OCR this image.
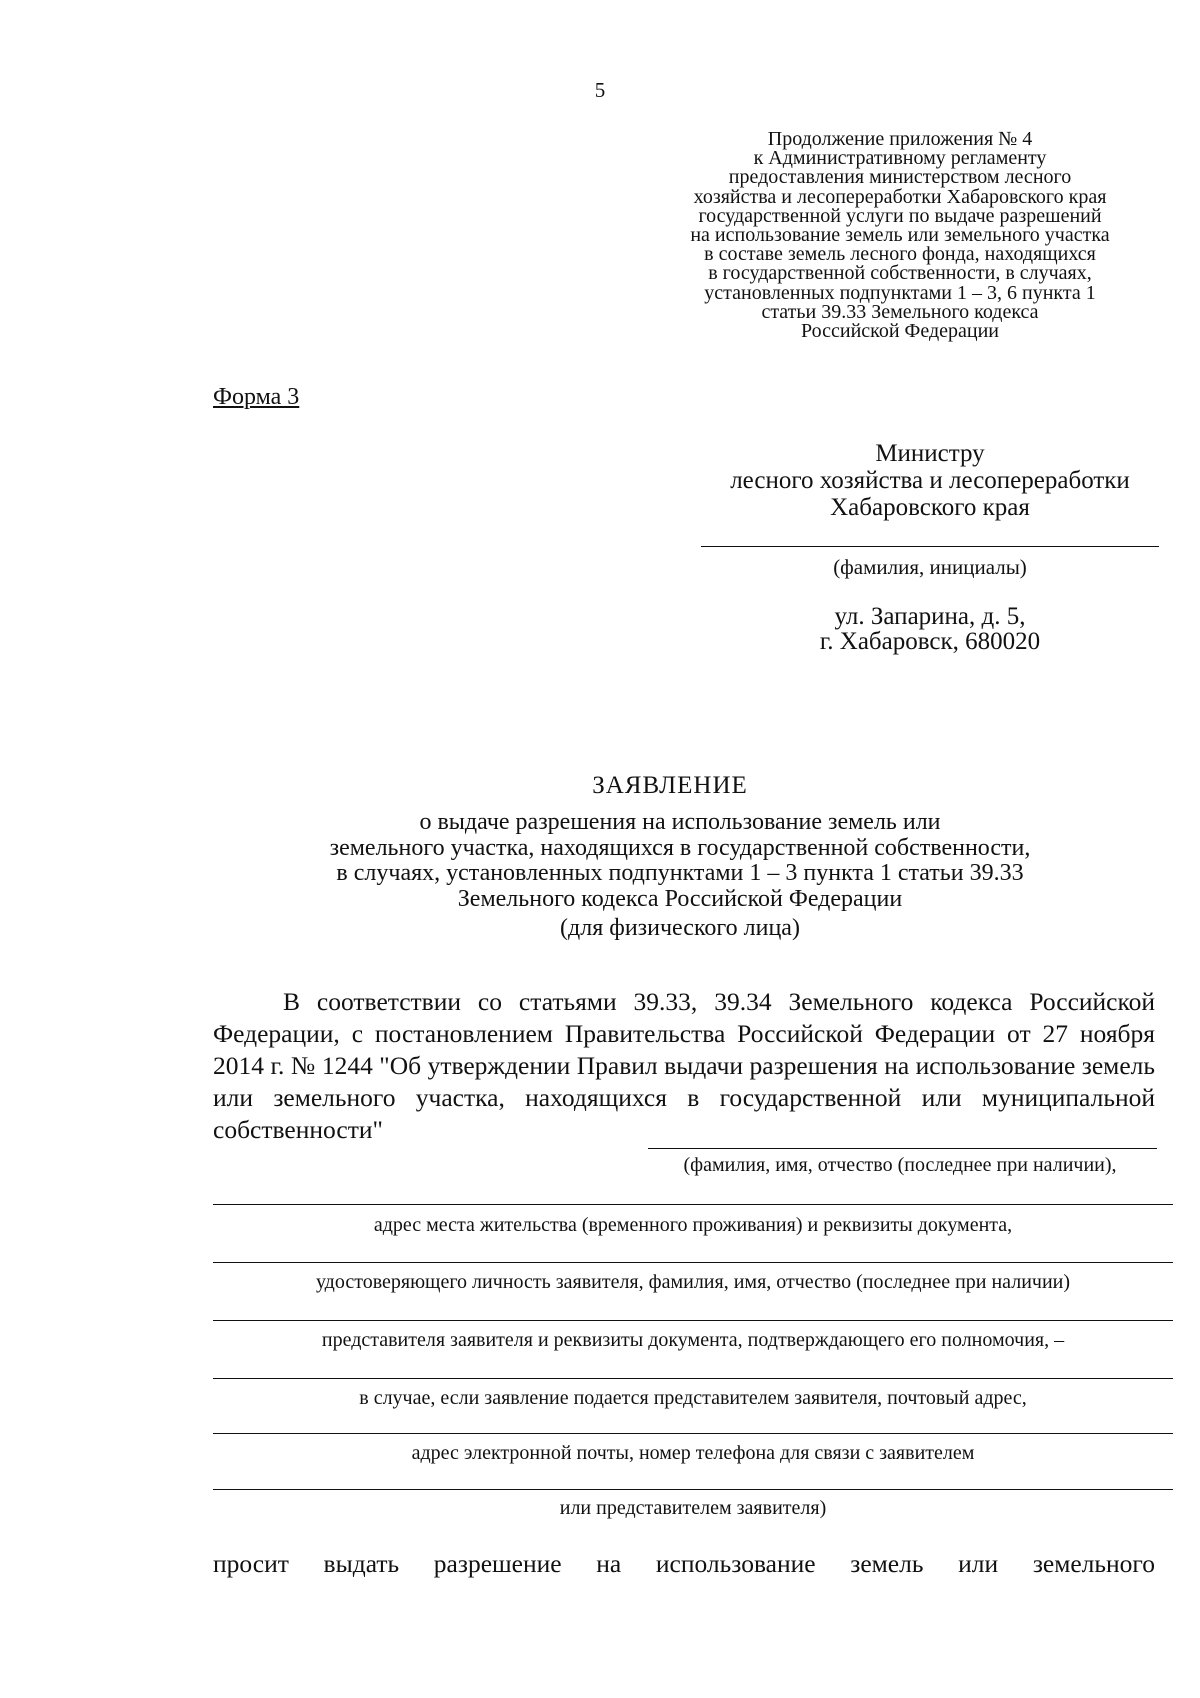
5
Продолжение приложения № 4
к Административному регламенту
предоставления министерством лесного
хозяйства и лесопереработки Хабаровского края
государственной услуги по выдаче разрешений
на использование земель или земельного участка
в составе земель лесного фонда, находящихся
в государственной собственности, в случаях,
установленных подпунктами 1 – 3, 6 пункта 1
статьи 39.33 Земельного кодекса
Российской Федерации
Форма 3
Министру
лесного хозяйства и лесопереработки
Хабаровского края
(фамилия, инициалы)
ул. Запарина, д. 5,
г. Хабаровск, 680020
ЗАЯВЛЕНИЕ
о выдаче разрешения на использование земель или
земельного участка, находящихся в государственной собственности,
в случаях, установленных подпунктами 1 – 3 пункта 1 статьи 39.33
Земельного кодекса Российской Федерации
(для физического лица)
В соответствии со статьями 39.33, 39.34 Земельного кодекса Российской Федерации, с постановлением Правительства Российской Федерации от 27 ноября 2014 г. № 1244 "Об утверждении Правил выдачи разрешения на использование земель или земельного участка, находящихся в государственной или муниципальной собственности"
(фамилия, имя, отчество (последнее при наличии),
адрес места жительства (временного проживания) и реквизиты документа,
удостоверяющего личность заявителя, фамилия, имя, отчество (последнее при наличии)
представителя заявителя и реквизиты документа, подтверждающего его полномочия, –
в случае, если заявление подается представителем заявителя, почтовый адрес,
адрес электронной почты, номер телефона для связи с заявителем
или представителем заявителя)
просит выдать разрешение на использование земель или земельного
